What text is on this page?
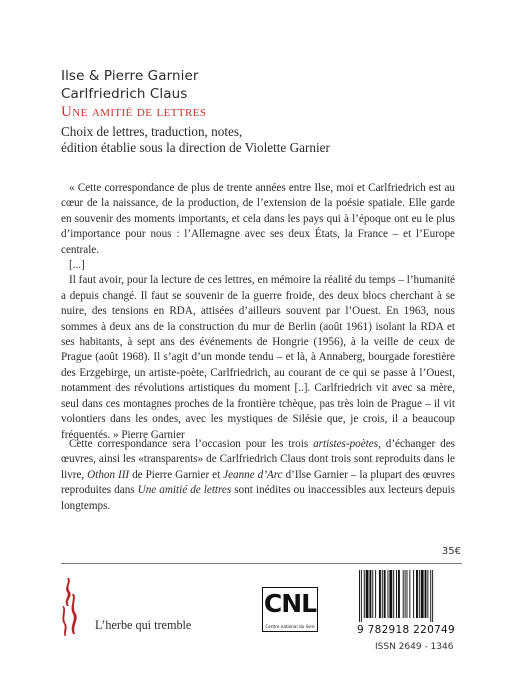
Ilse & Pierre Garnier
Carlfriedrich Claus
Une amitié de lettres
Choix de lettres, traduction, notes,
édition établie sous la direction de Violette Garnier

« Cette correspondance de plus de trente années entre Ilse, moi et Carlfriedrich est au cœur de la naissance, de la production, de l’extension de la poésie spatiale. Elle garde en souvenir des moments importants, et cela dans les pays qui à l’époque ont eu le plus d’importance pour nous : l’Allemagne avec ses deux États, la France – et l’Europe centrale.

[...]

Il faut avoir, pour la lecture de ces lettres, en mémoire la réalité du temps – l’humanité a depuis changé. Il faut se souvenir de la guerre froide, des deux blocs cherchant à se nuire, des tensions en RDA, attisées d’ailleurs souvent par l’Ouest. En 1963, nous sommes à deux ans de la construction du mur de Berlin (août 1961) isolant la RDA et ses habitants, à sept ans des événements de Hongrie (1956), à la veille de ceux de Prague (août 1968). Il s’agit d’un monde tendu – et là, à Annaberg, bourgade forestière des Erzgebirge, un artiste-poète, Carlfriedrich, au courant de ce qui se passe à l’Ouest, notamment des révolutions artistiques du moment [..]. Carlfriedrich vit avec sa mère, seul dans ces montagnes proches de la frontière tchèque, pas très loin de Prague – il vit volontiers dans les ondes, avec les mystiques de Silésie que, je crois, il a beaucoup fréquentés. » Pierre Garnier

Cette correspondance sera l’occasion pour les trois artistes-poètes, d’échanger des œuvres, ainsi les «transparents» de Carlfriedrich Claus dont trois sont reproduits dans le livre, Othon III de Pierre Garnier et Jeanne d’Arc d’Ilse Garnier – la plupart des œuvres reproduites dans Une amitié de lettres sont inédites ou inaccessibles aux lecteurs depuis longtemps.

35€
L’herbe qui tremble
CNL
Centre national du livre	9 782918 220749
ISSN 2649 - 1346
